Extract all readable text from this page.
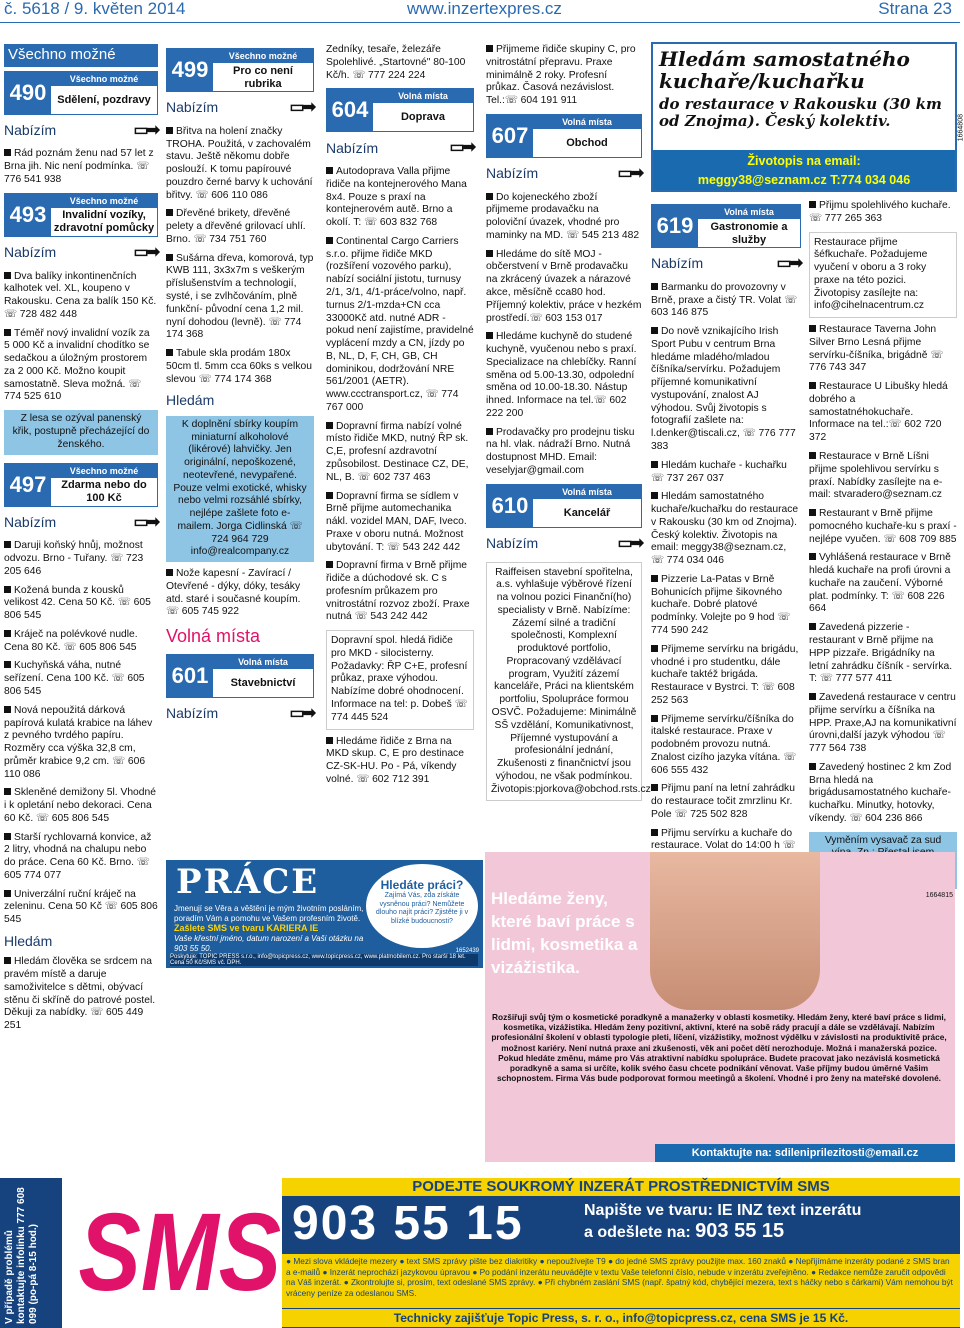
č. 5618 / 9. květen 2014	www.inzertexpres.cz	Strana 23
Všechno možné
490
Všechno možné
Sdělení, pozdravy
Nabízím	▭➡

Rád poznám ženu nad 57 let z Brna jih. Nic není podmínka. ☏ 776 541 938

493
Všechno možné
Invalidní vozíky, zdravotní pomůcky
Nabízím	▭➡

Dva balíky inkontinenčních kalhotek vel. XL, koupeno v Rakousku. Cena za balík 150 Kč. ☏ 728 482 448

Téměř nový invalidní vozík za 5 000 Kč a invalidní chodítko se sedačkou a úložným prostorem za 2 000 Kč. Možno koupit samostatně. Sleva možná. ☏ 774 525 610

Z lesa se ozýval panenský křik, postupně přecházející do ženského.
497
Všechno možné
Zdarma nebo do 100 Kč
Nabízím	▭➡

Daruji koňský hnůj, možnost odvozu. Brno - Tuřany. ☏ 723 205 646

Kožená bunda z kousků velikost 42. Cena 50 Kč. ☏ 605 806 545

Kráječ na polévkové nudle. Cena 80 Kč. ☏ 605 806 545

Kuchyňská váha, nutné seřízení. Cena 100 Kč. ☏ 605 806 545

Nová nepoužitá dárková papírová kulatá krabice na láhev z pevného tvrdého papíru. Rozměry cca výška 32,8 cm, průměr krabice 9,2 cm. ☏ 606 110 086

Skleněné demižony 5l. Vhodné i k opletání nebo dekoraci. Cena 60 Kč. ☏ 605 806 545

Starší rychlovarná konvice, až 2 litry, vhodná na chalupu nebo do práce. Cena 60 Kč. Brno. ☏ 605 774 077

Univerzální ruční kráječ na zeleninu. Cena 50 Kč ☏ 605 806 545

Hledám

Hledám člověka se srdcem na pravém místě a daruje samoživitelce s dětmi, obývací stěnu či skříně do patrové postel. Děkuji za nabídky. ☏ 605 449 251

499
Všechno možné
Pro co není rubrika
Nabízím	▭➡

Břitva na holení značky TROHA. Použitá, v zachovalém stavu. Ještě někomu dobře poslouží. K tomu papírouvé pouzdro černé barvy k uchování břitvy. ☏ 606 110 086

Dřevěné brikety, dřevěné pelety a dřevěné grilovací uhlí. Brno. ☏ 734 751 760

Sušárna dřeva, komorová, typ KWB 111, 3x3x7m s veškerým příslušenstvím a technologií, systé, i se zvlhčováním, plně funkční- původní cena 1,2 mil. nyní dohodou (levně). ☏ 774 174 368

Tabule skla prodám 180x 50cm tl. 5mm cca 60ks s velkou slevou ☏ 774 174 368

Hledám
K doplnění sbírky koupím miniaturní alkoholové (likérové) lahvičky. Jen originální, nepoškozené, neotevřené, nevypařené. Pouze velmi exotické, whisky nebo velmi rozsáhlé sbírky, nejlépe zašlete foto e-mailem. Jorga Cidlinská ☏ 724 964 729 info@realcompany.cz

Nože kapesní - Zavírací / Otevřené - dýky, dóky, tesáky atd. staré i současné koupím. ☏ 605 745 922

Volná místa
601
Volná místa
Stavebnictví
Nabízím	▭➡

Zedníky, tesaře, železáře Spolehlivé. „Startovné" 80-100 Kč/h. ☏ 777 224 224

604
Volná místa
Doprava
Nabízím	▭➡

Autodoprava Valla přijme řidiče na kontejnerového Mana 8x4. Pouze s praxí na kontejnerovém autě. Brno a okolí. T: ☏ 603 832 768

Continental Cargo Carriers s.r.o. přijme řidiče MKD (rozšíření vozového parku), nabízí sociální jistotu, turnusy 2/1, 3/1, 4/1-práce/volno, např. turnus 2/1-mzda+CN cca 33000Kč atd. nutné ADR - pokud není zajistíme, pravidelné vyplácení mzdy a CN, jízdy po B, NL, D, F, CH, GB, CH dominikou, dodržování NRE 561/2001 (AETR). www.ccctransport.cz, ☏ 774 767 000

Dopravní firma nabízí volné místo řidiče MKD, nutný ŘP sk. C,E, profesní azdravotní způsobilost. Destinace CZ, DE, NL, B. ☏ 602 737 463

Dopravní firma se sídlem v Brně přijme automechanika nákl. vozidel MAN, DAF, Iveco. Praxe v oboru nutná. Možnost ubytování. T: ☏ 543 242 442

Dopravní firma v Brně přijme řidiče a dúchodové sk. C s profesním průkazem pro vnitrostátní rozvoz zboží. Praxe nutná ☏ 543 242 442

Dopravní spol. hledá řidiče pro MKD - silocisterny. Požadavky: ŘP C+E, profesní průkaz, praxe výhodou. Nabízíme dobré ohodnocení. Informace na tel: p. Dobeš ☏ 774 445 524

Hledáme řidiče z Brna na MKD skup. C, E pro destinace CZ-SK-HU. Po - Pá, víkendy volné. ☏ 602 712 391

Přijmeme řidiče skupiny C, pro vnitrostátní přepravu. Praxe minimálně 2 roky. Profesní průkaz. Časová nezávislost. Tel.:☏ 604 191 911

607
Volná místa
Obchod
Nabízím	▭➡

Do kojeneckého zboží přijmeme prodavačku na poloviční úvazek, vhodné pro maminky na MD. ☏ 545 213 482

Hledáme do sítě MOJ - občerstvení v Brně prodavačku na zkrácený úvazek a nárazové akce, měsíčně cca80 hod. Příjemný kolektiv, práce v hezkém prostředí.☏ 603 153 017

Hledáme kuchyně do studené kuchyně, vyučenou nebo s praxí. Specializace na chlebíčky. Ranní směna od 5.00-13.30, odpolední směna od 10.00-18.30. Nástup ihned. Informace na tel.☏ 602 222 200

Prodavačky pro prodejnu tisku na hl. vlak. nádraží Brno. Nutná dostupnost MHD. Email: veselyjar@gmail.com

610
Volná místa
Kancelář
Nabízím	▭➡
Raiffeisen stavební spořitelna, a.s. vyhlašuje výběrové řízení na volnou pozici Finanční(ho) specialisty v Brně. Nabízíme: Zázemí silné a tradiční společnosti, Komplexní produktové portfolio, Propracovaný vzdělávací program, Využití zázemí kanceláře, Práci na klientském portfoliu, Spolupráce formou OSVČ. Požadujeme: Minimálně SŠ vzdělání, Komunikativnost, Příjemné vystupování a profesionální jednání, Zkušenosti z finančnictví jsou výhodou, ne však podmínkou. Životopis:pjorkova@obchod.rsts.cz
Hledám samostatného kuchaře/kuchařku
do restaurace v Rakousku (30 km od Znojma). Český kolektiv.
Životopis na email:
meggy38@seznam.cz T:774 034 046
1664808
619
Volná místa
Gastronomie a služby
Nabízím	▭➡

Barmanku do provozovny v Brně, praxe a čistý TR. Volat ☏ 603 146 875

Do nově vznikajícího Irish Sport Pubu v centrum Brna hledáme mladého/mladou číšníka/servírku. Požadujem příjemné komunikativní vystupování, znalost AJ výhodou. Svůj životopis s fotografií zašlete na: l.denker@tiscali.cz, ☏ 776 777 383

Hledám kuchaře - kuchařku ☏ 737 267 037

Hledám samostatného kuchaře/kuchařku do restaurace v Rakousku (30 km od Znojma). Český kolektiv. Životopis na email: meggy38@seznam.cz, ☏ 774 034 046

Pizzerie La-Patas v Brně Bohunicích přijme šikovného kuchaře. Dobré platové podmínky. Volejte po 9 hod ☏ 774 590 242

Přijmeme servírku na brigádu, vhodné i pro studentku, dále kuchaře taktéž brigáda. Restaurace v Bystrci. T: ☏ 608 252 563

Přijmeme servírku/číšníka do italské restaurace. Praxe v podobném provozu nutná. Znalost cizího jazyka vítána. ☏ 606 555 432

Přijmu paní na letní zahrádku do restaurace točit zmrzlinu Kr. Pole ☏ 725 502 828

Přijmu servírku a kuchaře do restaurace. Volat do 14:00 h ☏

Přijmu spolehlivého kuchaře. ☏ 777 265 363

Restaurace přijme šéfkuchaře. Požadujeme vyučení v oboru a 3 roky praxe na této pozici. Životopisy zasílejte na: info@cihelnacentrum.cz

Restaurace Taverna John Silver Brno Lesná přijme servírku-číšníka, brigádně ☏ 776 743 347

Restaurace U Libušky hledá dobrého a samostatnéhokuchaře. Informace na tel.:☏ 602 720 372

Restaurace v Brně Líšni přijme spolehlivou servírku s praxí. Nabídky zasílejte na e-mail: stvaradero@seznam.cz

Restaurant v Brně přijme pomocného kuchaře-ku s praxí - nejlépe vyučen. ☏ 608 709 885

Vyhlášená restaurace v Brně hledá kuchaře na profi úrovni a kuchaře na zaučení. Výborné plat. podmínky. T: ☏ 608 226 664

Zavedená pizzerie - restaurant v Brně přijme na HPP pizzaře. Brigádníky na letní zahrádku číšník - servírka. T: ☏ 777 577 411

Zavedená restaurace v centru přijme servírku a číšníka na HPP. Praxe,AJ na komunikativní úrovni,další jazyk výhodou ☏ 777 564 738

Zavedený hostinec 2 km Zod Brna hledá na brigádusamostatného kuchaře-kuchařku. Minutky, hotovky, víkendy. ☏ 604 236 866

Vyměním vysavač za sud
PRÁCE
Jmenují se Věra a věštění je mým životním posláním, poradím Vám a pomohu ve Vašem profesním životě.
Zašlete SMS ve tvaru KARIERA IE
Vaše křestní jméno, datum narození a Vaši otázku na 903 55 50.
Hledáte práci?
Zajímá Vás, zda získáte vysněnou práci? Nemůžete dlouho najít práci? Zjistěte ji v blízké budoucnosti?
Poskytuje: TOPIC PRESS s.r.o., info@topicpress.cz, www.topicpress.cz, www.platmobilem.cz. Pro starší 18 let. Cena 50 Kč/SMS vč. DPH.
1652439
Hledáme ženy, které baví práce s lidmi, kosmetika a vizážistika.
Rozšiřuji svůj tým o kosmetické poradkyně a manažerky v oblasti kosmetiky. Hledám ženy, které baví práce s lidmi, kosmetika, vizážistika. Hledám ženy pozitivní, aktivní, které na sobě rády pracují a dále se vzdělávají. Nabízím profesionální školení v oblasti typologie pleti, líčení, vizážistiky, možnost výdělku v závislosti na produktivitě práce, možnost kariéry. Není nutná praxe ani zkušenosti, věk ani počet dětí nerozhoduje. Možná i manažerská pozice. Pokud hledáte změnu, máme pro Vás atraktivní nabídku spolupráce. Budete pracovat jako nezávislá kosmetická poradkyně a sama si určíte, kolik svého času chcete podnikání věnovat. Vaše příjmy budou úměrné Vašim schopnostem. Firma Vás bude podporovat formou meetingů a školení. Vhodné i pro ženy na mateřské dovolené.
Kontaktujte na: sdileniprilezitosti@email.cz
1664815
V případě problémů kontaktujte infolinku 777 608 099 (po-pá 8-15 hod.) SMS
PODEJTE SOUKROMÝ INZERÁT PROSTŘEDNICTVÍM SMS
903 55 15	Napište ve tvaru: IE INZ text inzerátu
a odešlete na: 903 55 15
● Mezi slova vkládejte mezery ● text SMS zprávy pište bez diakritiky ● nepoužívejte T9 ● do jedné SMS zprávy použijte max. 160 znaků ● Nepřijímáme inzeráty podané z SMS bran a e-mailů ● Inzerát neprochází jazykovou úpravou ● Po podání inzerátu neuvádějte v textu Vaše telefonní číslo, nebude v inzerátu zveřejněno. ● Redakce nemůže zaručit odpovědi na Váš inzerát. ● Zkontrolujte si, prosím, text odeslané SMS zprávy. ● Při chybném zaslání SMS (např. špatný kód, chybějící mezera, text s háčky nebo s čárkami) Vám nemohou být vráceny peníze za odeslanou SMS.
Technicky zajišťuje Topic Press, s. r. o., info@topicpress.cz, cena SMS je 15 Kč.
